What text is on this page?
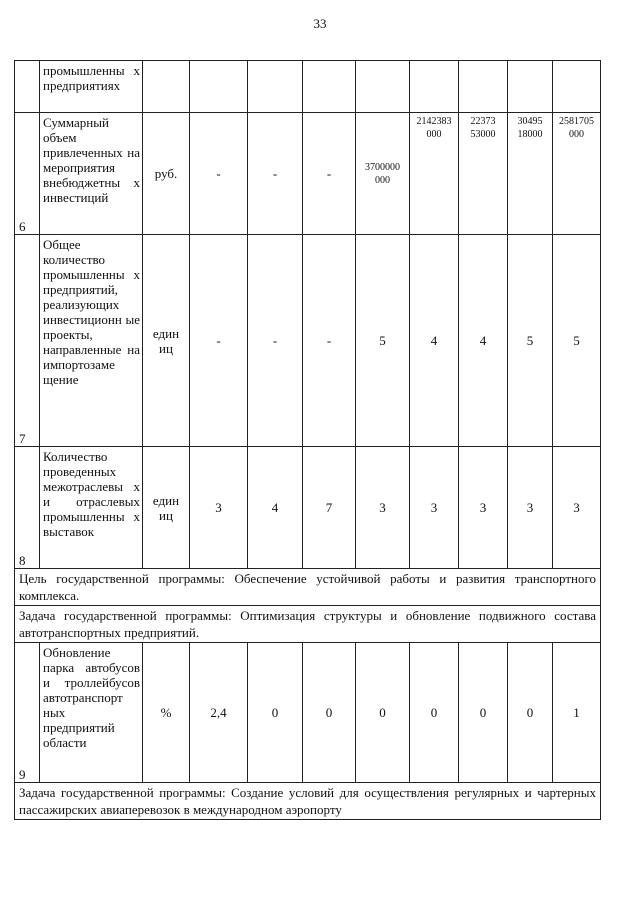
33
	промышленны х предприятиях									
6	Суммарный объем привлеченных на мероприятия внебюджетны х инвестиций	руб.	-	-	-	3700000 000	2142383 000	22373 53000	30495 18000	2581705 000
7	Общее количество промышленны х предприятий, реализующих инвестиционн ые проекты, направленные на импортозаме щение	един иц	-	-	-	5	4	4	5	5
8	Количество проведенных межотраслевы х и отраслевых промышленны х выставок	един иц	3	4	7	3	3	3	3	3
Цель государственной программы: Обеспечение устойчивой работы и развития транспортного комплекса.										
Задача государственной программы: Оптимизация структуры и обновление подвижного состава автотранспортных предприятий.										
9	Обновление парка автобусов и троллейбусов автотранспорт ных предприятий области	%	2,4	0	0	0	0	0	0	1
Задача государственной программы: Создание условий для осуществления регулярных и чартерных пассажирских авиаперевозок в международном аэропорту										
